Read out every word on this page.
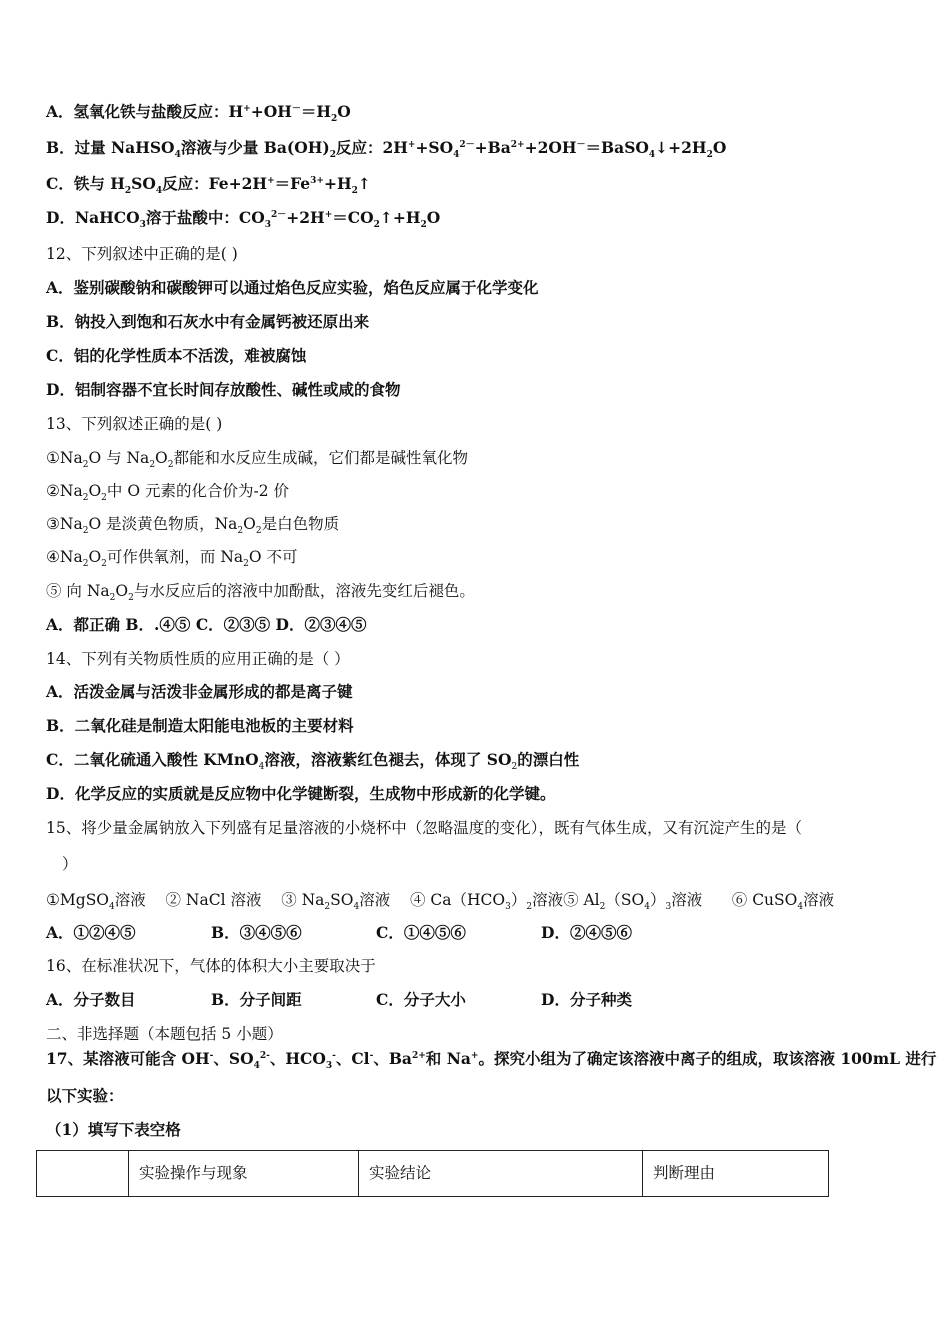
A．氢氧化铁与盐酸反应：$H^++OH^-=H_2O$
B．过量 NaHSO$_4$溶液与少量 $Ba(OH)_2$反应：$2H^++SO_4^{2-}+Ba^{2+}+2OH^-=BaSO_4↓+2H_2O$
C．铁与 $H_2SO_4$反应：$Fe+2H^+=Fe^{3+}+H_2↑$
D．NaHCO$_3$溶于盐酸中：$CO_3^{2-}+2H^+=CO_2↑+H_2O$
12、下列叙述中正确的是( )
A．鉴别碳酸钠和碳酸钾可以通过焰色反应实验，焰色反应属于化学变化
B．钠投入到饱和石灰水中有金属钙被还原出来
C．铝的化学性质本不活泼，难被腐蚀
D．铝制容器不宜长时间存放酸性、碱性或咸的食物
13、下列叙述正确的是( )
$①Na_2O$ 与 $Na_2O_2$都能和水反应生成碱，它们都是碱性氧化物
$②Na_2O_2$中 O 元素的化合价为-2 价
$③Na_2O$ 是淡黄色物质，$Na_2O_2$是白色物质
$④Na_2O_2$可作供氧剂，而 $Na_2O$ 不可
⑤ 向 $Na_2O_2$与水反应后的溶液中加酚酞，溶液先变红后褪色。
A．都正确 B．.④⑤ C．②③⑤ D．②③④⑤
14、下列有关物质性质的应用正确的是（ ）
A．活泼金属与活泼非金属形成的都是离子键
B．二氧化硅是制造太阳能电池板的主要材料
C．二氧化硫通入酸性 KMnO$_4$溶液，溶液紫红色褪去，体现了 $SO_2$的漂白性
D．化学反应的实质就是反应物中化学键断裂，生成物中形成新的化学键。
15、将少量金属钠放入下列盛有足量溶液的小烧杯中（忽略温度的变化），既有气体生成，又有沉淀产生的是（
）
①MgSO$_4$溶液 ② NaCl 溶液 ③ $Na_2SO_4$溶液 ④ $Ca(HCO_3)_2$溶液⑤ $Al_2(SO_4)_3$溶液 ⑥ CuSO$_4$溶液
A．①②④⑤	B．③④⑤⑥	C．①④⑤⑥	D．②④⑤⑥
16、在标准状况下，气体的体积大小主要取决于
A．分子数目	B．分子间距	C．分子大小	D．分子种类
二、非选择题（本题包括 5 小题）
17、某溶液可能含 OH-、$SO_4^{2-}$、$HCO_3^-$、Cl-、$Ba^{2+}$和 Na+。探究小组为了确定该溶液中离子的组成，取该溶液 100mL 进行
以下实验：
（1）填写下表空格
	实验操作与现象	实验结论	判断理由
